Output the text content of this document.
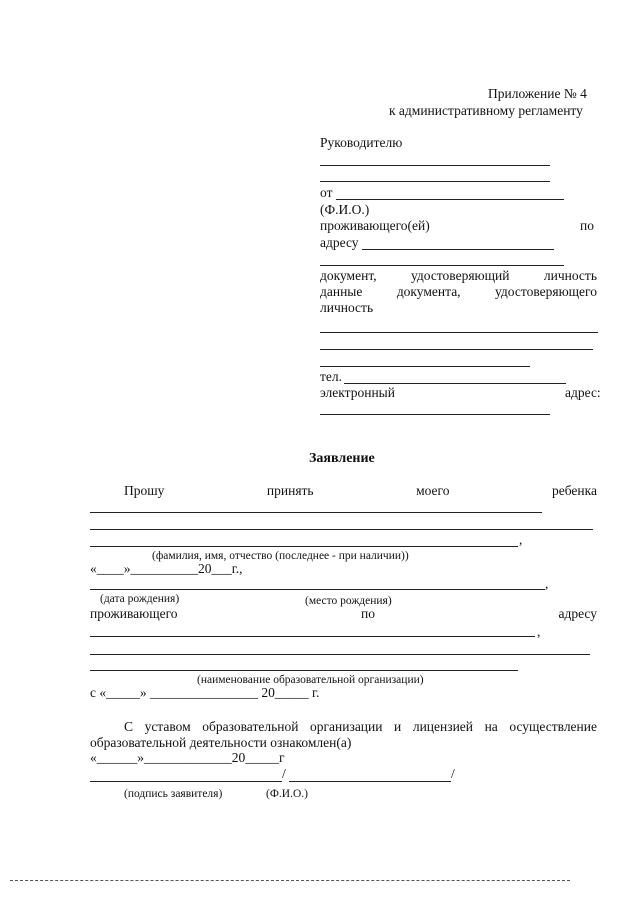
Приложение № 4
к административному регламенту
Руководителю
от
(Ф.И.О.)
проживающего(ей)	по
адресу
документ,	удостоверяющий	личность
данные	документа,	удостоверяющего
личность
тел.
электронный	адрес:
Заявление
Прошу	принять	моего	ребенка
,
(фамилия, имя, отчество (последнее - при наличии))
«____»__________20___г.,
,
(дата рождения)	(место рождения)
проживающего	по	адресу
,
(наименование образовательной организации)
с «_____» ________________ 20_____ г.
С уставом образовательной организации и лицензией на осуществление
образовательной деятельности ознакомлен(а)
«______»_____________20_____г
/	/
(подпись заявителя)	(Ф.И.О.)
